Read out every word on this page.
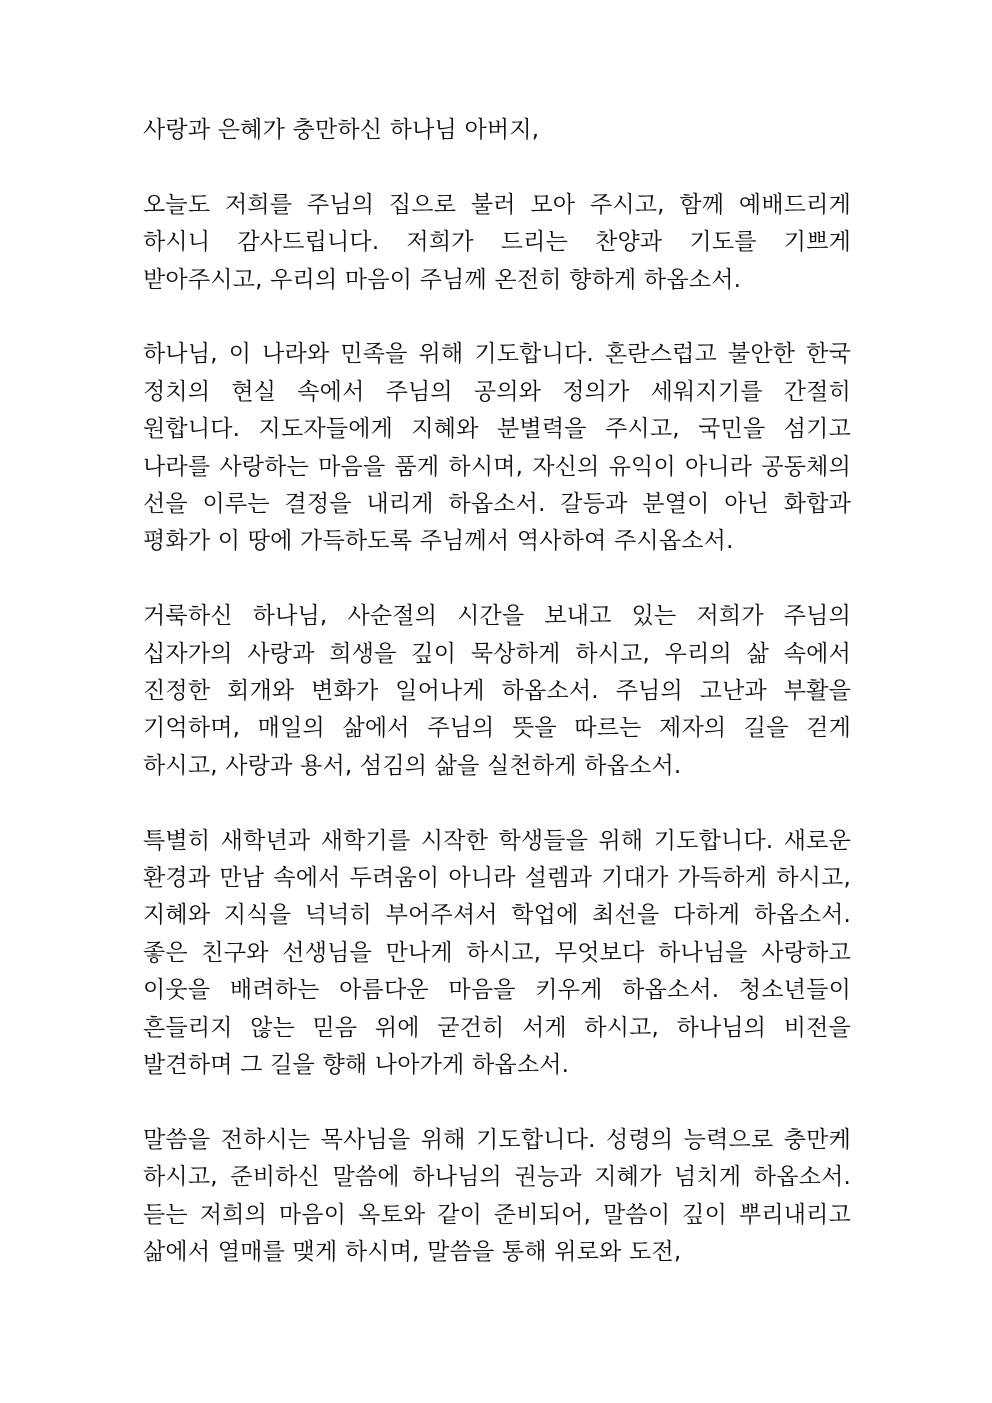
사랑과 은혜가 충만하신 하나님 아버지,

오늘도 저희를 주님의 집으로 불러 모아 주시고, 함께 예배드리게 하시니 감사드립니다. 저희가 드리는 찬양과 기도를 기쁘게 받아주시고, 우리의 마음이 주님께 온전히 향하게 하옵소서.

하나님, 이 나라와 민족을 위해 기도합니다. 혼란스럽고 불안한 한국 정치의 현실 속에서 주님의 공의와 정의가 세워지기를 간절히 원합니다. 지도자들에게 지혜와 분별력을 주시고, 국민을 섬기고 나라를 사랑하는 마음을 품게 하시며, 자신의 유익이 아니라 공동체의 선을 이루는 결정을 내리게 하옵소서. 갈등과 분열이 아닌 화합과 평화가 이 땅에 가득하도록 주님께서 역사하여 주시옵소서.

거룩하신 하나님, 사순절의 시간을 보내고 있는 저희가 주님의 십자가의 사랑과 희생을 깊이 묵상하게 하시고, 우리의 삶 속에서 진정한 회개와 변화가 일어나게 하옵소서. 주님의 고난과 부활을 기억하며, 매일의 삶에서 주님의 뜻을 따르는 제자의 길을 걷게 하시고, 사랑과 용서, 섬김의 삶을 실천하게 하옵소서.

특별히 새학년과 새학기를 시작한 학생들을 위해 기도합니다. 새로운 환경과 만남 속에서 두려움이 아니라 설렘과 기대가 가득하게 하시고, 지혜와 지식을 넉넉히 부어주셔서 학업에 최선을 다하게 하옵소서. 좋은 친구와 선생님을 만나게 하시고, 무엇보다 하나님을 사랑하고 이웃을 배려하는 아름다운 마음을 키우게 하옵소서. 청소년들이 흔들리지 않는 믿음 위에 굳건히 서게 하시고, 하나님의 비전을 발견하며 그 길을 향해 나아가게 하옵소서.

말씀을 전하시는 목사님을 위해 기도합니다. 성령의 능력으로 충만케 하시고, 준비하신 말씀에 하나님의 권능과 지혜가 넘치게 하옵소서. 듣는 저희의 마음이 옥토와 같이 준비되어, 말씀이 깊이 뿌리내리고 삶에서 열매를 맺게 하시며, 말씀을 통해 위로와 도전,
